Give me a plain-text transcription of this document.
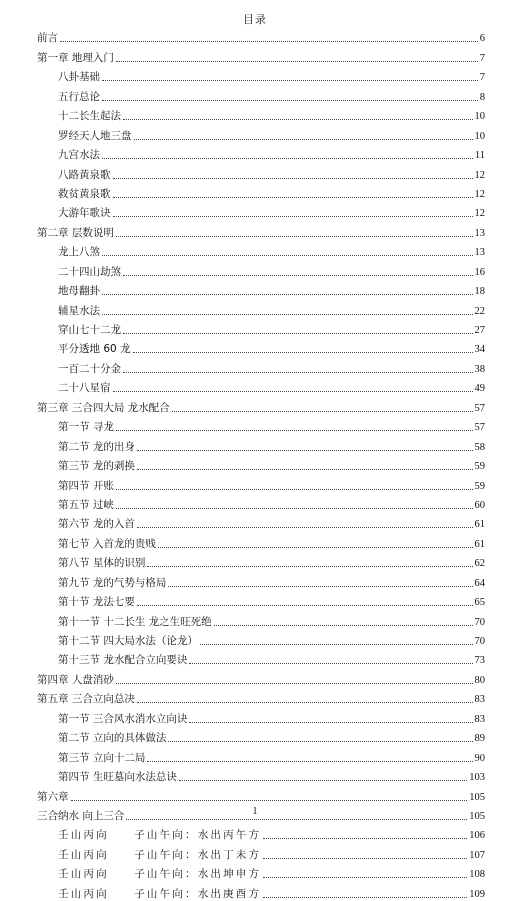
目录
前言	6
第一章 地理入门	7
八卦基础	7
五行总论	8
十二长生起法	10
罗经天人地三盘	10
九宫水法	11
八路黄泉歌	12
救贫黄泉歌	12
大游年歌诀	12
第二章 层数说明	13
龙上八煞	13
二十四山劫煞	16
地母翻卦	18
辅星水法	22
穿山七十二龙	27
平分透地 60 龙	34
一百二十分金	38
二十八星宿	49
第三章 三合四大局 龙水配合	57
第一节 寻龙	57
第二节 龙的出身	58
第三节 龙的剥换	59
第四节 开账	59
第五节 过峡	60
第六节 龙的入首	61
第七节 入首龙的贵贱	61
第八节 星体的识别	62
第九节 龙的气势与格局	64
第十节 龙法七要	65
第十一节 十二长生 龙之生旺死绝	70
第十二节 四大局水法（论龙）	70
第十三节 龙水配合立向要诀	73
第四章 人盘消砂	80
第五章 三合立向总决	83
第一节 三合风水消水立向诀	83
第二节 立向的具体做法	89
第三节 立向十二局	90
第四节 生旺墓向水法总诀	103
第六章	105
三合纳水 向上三合	105
壬山丙向　　子山午向：水出丙午方	106
壬山丙向　　子山午向：水出丁未方	107
壬山丙向　　子山午向：水出坤申方	108
壬山丙向　　子山午向：水出庚酉方	109
1
